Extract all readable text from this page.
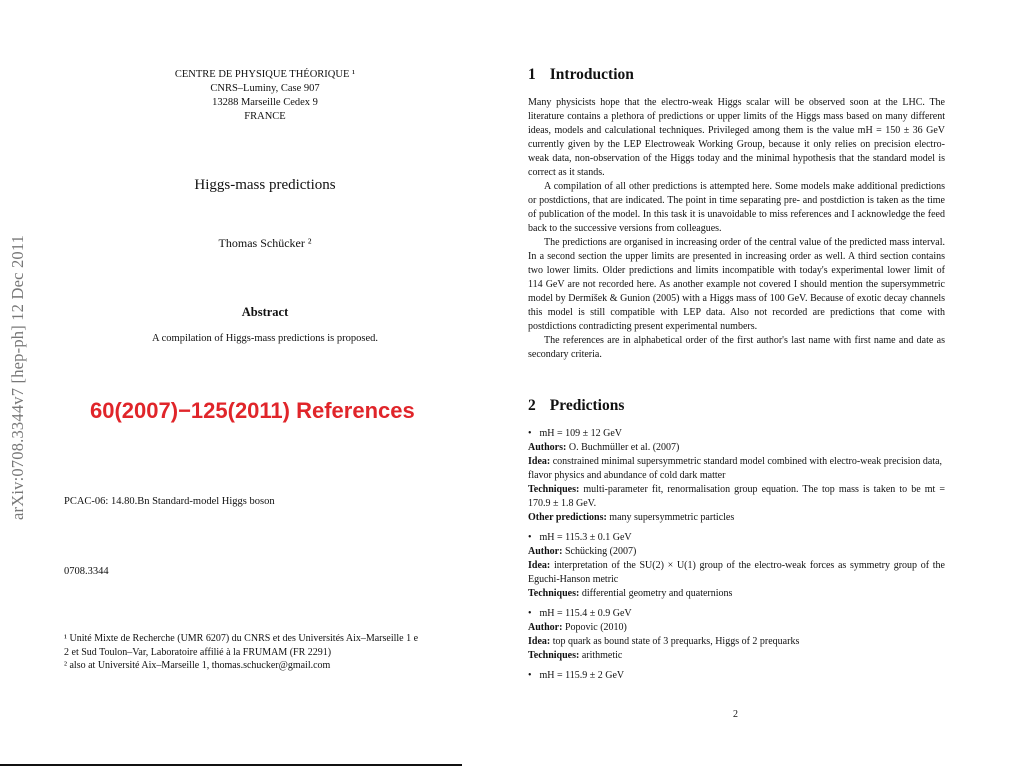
arXiv:0708.3344v7 [hep-ph] 12 Dec 2011
CENTRE DE PHYSIQUE THÉORIQUE ¹
CNRS–Luminy, Case 907
13288 Marseille Cedex 9
FRANCE
Higgs-mass predictions
Thomas Schücker ²
Abstract
A compilation of Higgs-mass predictions is proposed.
60(2007)−125(2011) References
PCAC-06: 14.80.Bn Standard-model Higgs boson
0708.3344
¹ Unité Mixte de Recherche (UMR 6207) du CNRS et des Universités Aix–Marseille 1 e
2 et Sud Toulon–Var, Laboratoire affilié à la FRUMAM (FR 2291)
² also at Université Aix–Marseille 1, thomas.schucker@gmail.com
1 Introduction

Many physicists hope that the electro-weak Higgs scalar will be observed soon at the LHC. The literature contains a plethora of predictions or upper limits of the Higgs mass based on many different ideas, models and calculational techniques. Privileged among them is the value mH = 150 ± 36 GeV currently given by the LEP Electroweak Working Group, because it only relies on precision electro-weak data, non-observation of the Higgs today and the minimal hypothesis that the standard model is correct as it stands.

A compilation of all other predictions is attempted here. Some models make additional predictions or postdictions, that are indicated. The point in time separating pre- and postdiction is taken as the time of publication of the model. In this task it is unavoidable to miss references and I acknowledge the feed back to the successive versions from colleagues.

The predictions are organised in increasing order of the central value of the predicted mass interval. In a second section the upper limits are presented in increasing order as well. A third section contains two lower limits. Older predictions and limits incompatible with today's experimental lower limit of 114 GeV are not recorded here. As another example not covered I should mention the supersymmetric model by Dermíšek & Gunion (2005) with a Higgs mass of 100 GeV. Because of exotic decay channels this model is still compatible with LEP data. Also not recorded are predictions that come with postdictions contradicting present experimental numbers.

The references are in alphabetical order of the first author's last name with first name and date as secondary criteria.

2 Predictions

• mH = 109 ± 12 GeV

Authors: O. Buchmüller et al. (2007)

Idea: constrained minimal supersymmetric standard model combined with electro-weak precision data, flavor physics and abundance of cold dark matter

Techniques: multi-parameter fit, renormalisation group equation. The top mass is taken to be mt = 170.9 ± 1.8 GeV.

Other predictions: many supersymmetric particles

• mH = 115.3 ± 0.1 GeV

Author: Schücking (2007)

Idea: interpretation of the SU(2) × U(1) group of the electro-weak forces as symmetry group of the Eguchi-Hanson metric

Techniques: differential geometry and quaternions

• mH = 115.4 ± 0.9 GeV

Author: Popovic (2010)

Idea: top quark as bound state of 3 prequarks, Higgs of 2 prequarks

Techniques: arithmetic

• mH = 115.9 ± 2 GeV

2
